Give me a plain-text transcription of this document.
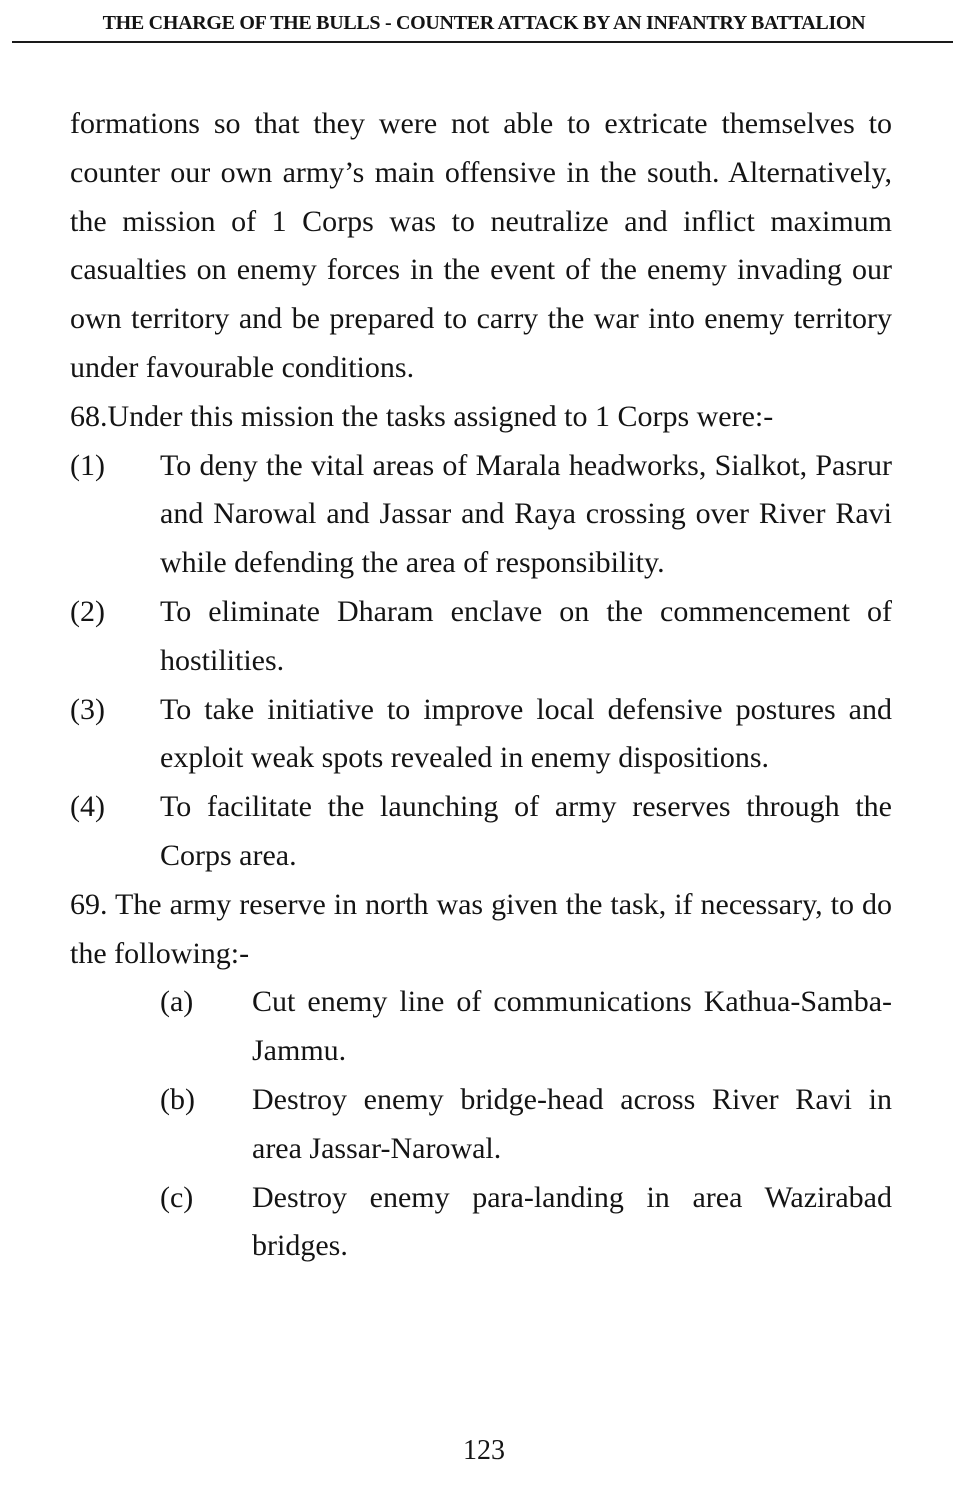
THE CHARGE OF THE BULLS - COUNTER ATTACK BY AN INFANTRY BATTALION

formations so that they were not able to extricate themselves to counter our own army’s main offensive in the south. Alternatively, the mission of 1 Corps was to neutralize and inflict maximum casualties on enemy forces in the event of the enemy invading our own territory and be prepared to carry the war into enemy territory under favourable conditions.

68.Under this mission the tasks assigned to 1 Corps were:-

(1)	To deny the vital areas of Marala headworks, Sialkot, Pasrur and Narowal and Jassar and Raya crossing over River Ravi while defending the area of responsibility.
(2)	To eliminate Dharam enclave on the commencement of hostilities.
(3)	To take initiative to improve local defensive postures and exploit weak spots revealed in enemy dispositions.
(4)	To facilitate the launching of army reserves through the Corps area.

69. The army reserve in north was given the task, if necessary, to do the following:-

(a)	Cut enemy line of communications Kathua-Samba-Jammu.
(b)	Destroy enemy bridge-head across River Ravi in area Jassar-Narowal.
(c)	Destroy enemy para-landing in area Wazirabad bridges.
123
